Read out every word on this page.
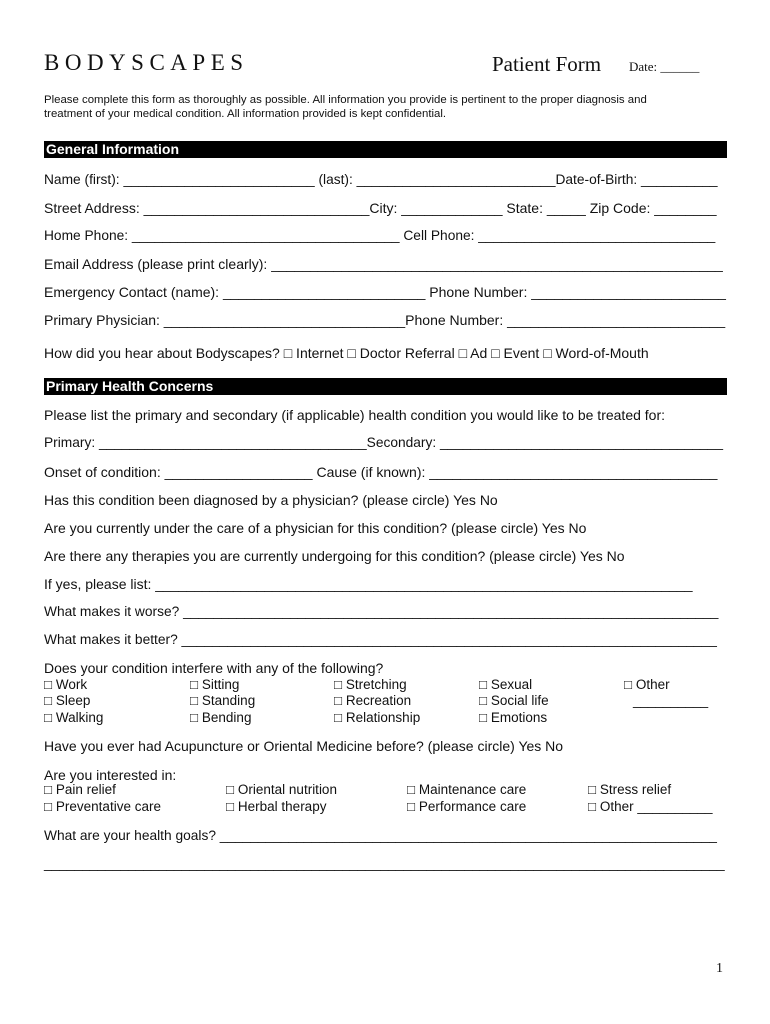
BODYSCAPES	Patient Form Date: ______
Please complete this form as thoroughly as possible. All information you provide is pertinent to the proper diagnosis and
treatment of your medical condition. All information provided is kept confidential.
General Information
Name (first): _________________________ (last): __________________________Date-of-Birth: __________
Street Address: _____________________________City: _____________ State: _____ Zip Code: ________
Home Phone: ___________________________________ Cell Phone: _______________________________
Email Address (please print clearly): __________________________________________________________
Emergency Contact (name): __________________________ Phone Number: _________________________
Primary Physician: _______________________________Phone Number: ____________________________
How did you hear about Bodyscapes? □ Internet □ Doctor Referral □ Ad □ Event □ Word-of-Mouth
Primary Health Concerns
Please list the primary and secondary (if applicable) health condition you would like to be treated for:
Primary: ___________________________________Secondary: _____________________________________
Onset of condition: ___________________ Cause (if known): _____________________________________
Has this condition been diagnosed by a physician? (please circle) Yes No
Are you currently under the care of a physician for this condition? (please circle) Yes No
Are there any therapies you are currently undergoing for this condition? (please circle) Yes No
If yes, please list: _____________________________________________________________________
What makes it worse? ______________________________________________________________________
What makes it better? ______________________________________________________________________
Does your condition interfere with any of the following?
□ Work	□ Sitting	□ Stretching	□ Sexual	□ Other
□ Sleep	□ Standing	□ Recreation	□ Social life	__________
□ Walking	□ Bending	□ Relationship	□ Emotions
Have you ever had Acupuncture or Oriental Medicine before? (please circle) Yes No
Are you interested in:
□ Pain relief	□ Oriental nutrition	□ Maintenance care	□ Stress relief
□ Preventative care	□ Herbal therapy	□ Performance care	□ Other __________
What are your health goals? _________________________________________________________________
_________________________________________________________________________________________
1
